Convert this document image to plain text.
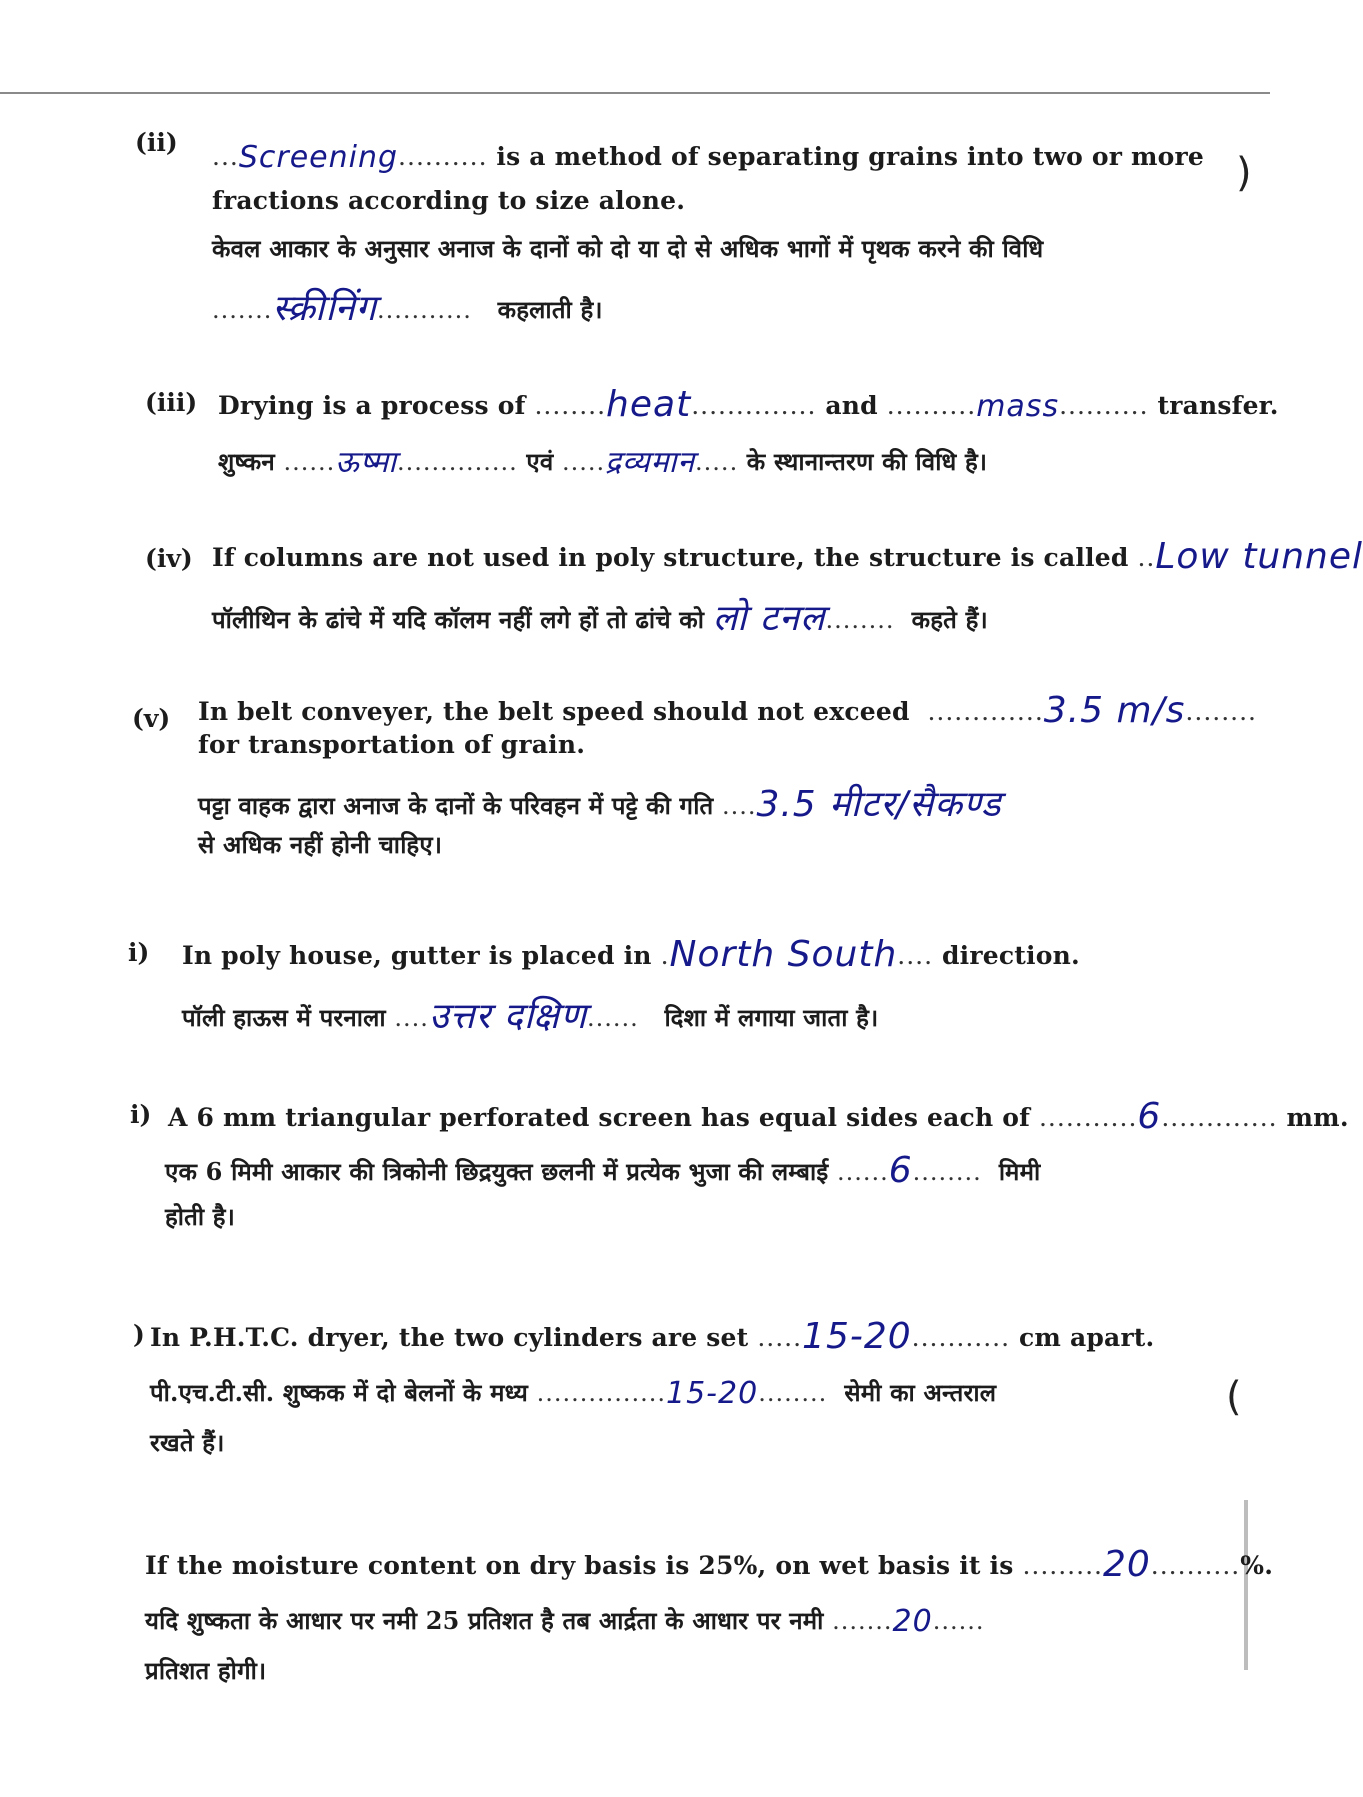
(ii) ...Screening.......... is a method of separating grains into two or more
fractions according to size alone.
केवल आकार के अनुसार अनाज के दानों को दो या दो से अधिक भागों में पृथक करने की विधि
.......स्क्रीनिंग........... कहलाती है।
)
(iii) Drying is a process of ........heat.............. and ..........mass.......... transfer.
शुष्कन ......ऊष्मा.............. एवं .....द्रव्यमान..... के स्थानान्तरण की विधि है।
(iv) If columns are not used in poly structure, the structure is called ..Low tunnel
पॉलीथिन के ढांचे में यदि कॉलम नहीं लगे हों तो ढांचे को लो टनल........ कहते हैं।
(v) In belt conveyer, the belt speed should not exceed .............3.5 m/s........
for transportation of grain.
पट्टा वाहक द्वारा अनाज के दानों के परिवहन में पट्टे की गति ....3.5 मीटर/सैकण्ड
से अधिक नहीं होनी चाहिए।
i) In poly house, gutter is placed in .North South.... direction.
पॉली हाऊस में परनाला ....उत्तर दक्षिण...... दिशा में लगाया जाता है।
i) A 6 mm triangular perforated screen has equal sides each of ...........6............. mm.
एक 6 मिमी आकार की त्रिकोनी छिद्रयुक्त छलनी में प्रत्येक भुजा की लम्बाई ......6........ मिमी
होती है।
) In P.H.T.C. dryer, the two cylinders are set .....15-20........... cm apart.
पी.एच.टी.सी. शुष्कक में दो बेलनों के मध्य ...............15-20........ सेमी का अन्तराल
रखते हैं।
(
If the moisture content on dry basis is 25%, on wet basis it is .........20..........%.
यदि शुष्कता के आधार पर नमी 25 प्रतिशत है तब आर्द्रता के आधार पर नमी .......20......
प्रतिशत होगी।
